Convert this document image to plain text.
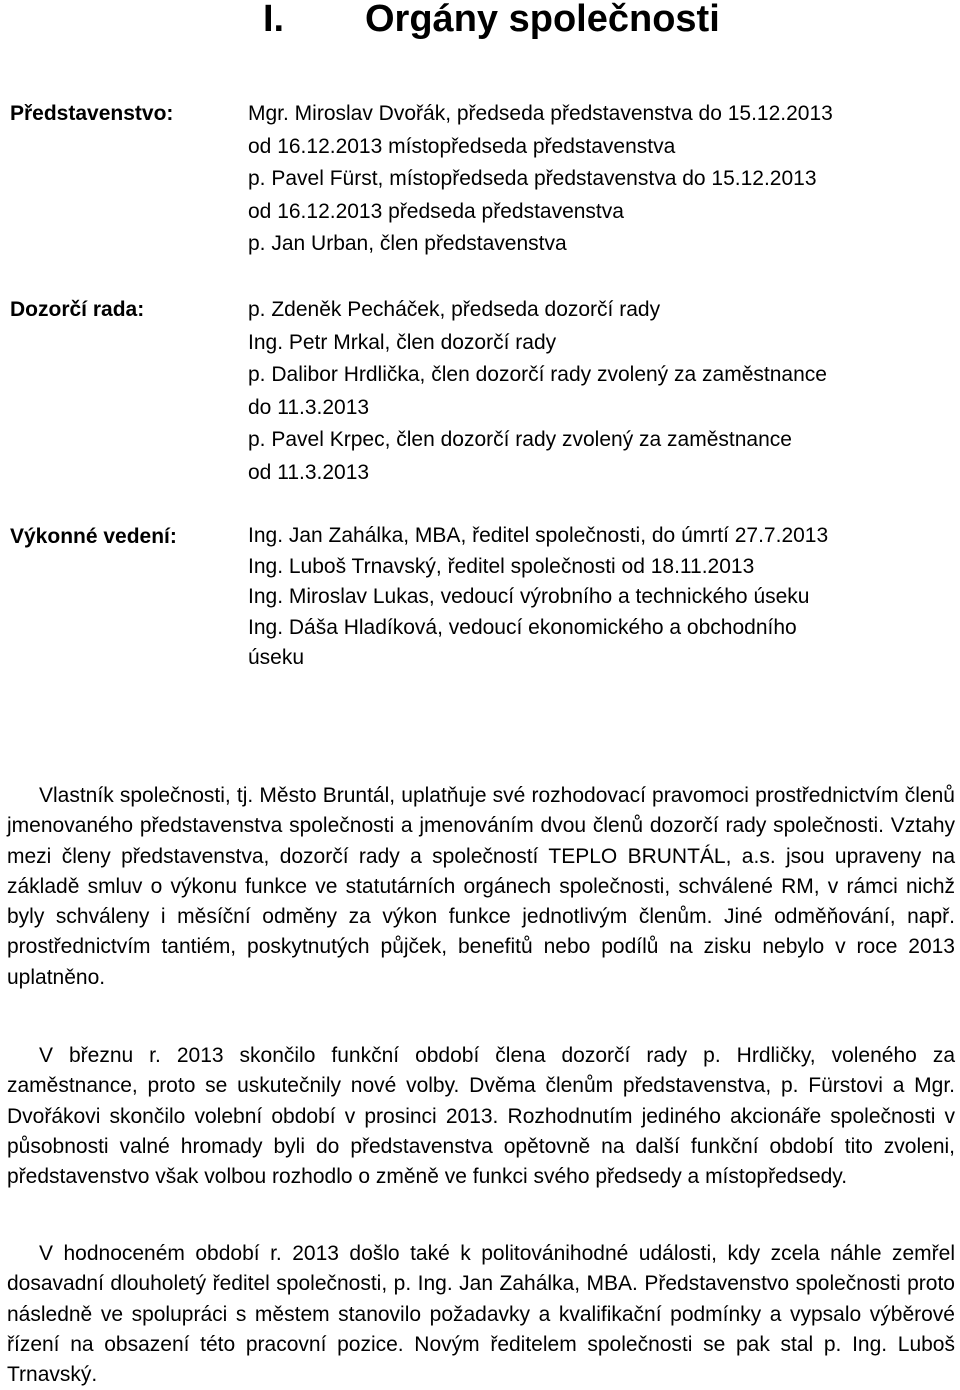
I. Orgány společnosti
Představenstvo:	Mgr. Miroslav Dvořák, předseda představenstva do 15.12.2013
od 16.12.2013 místopředseda představenstva
p. Pavel Fürst, místopředseda představenstva do 15.12.2013
od 16.12.2013 předseda představenstva
p. Jan Urban, člen představenstva
Dozorčí rada:	p. Zdeněk Pecháček, předseda dozorčí rady
Ing. Petr Mrkal, člen dozorčí rady
p. Dalibor Hrdlička, člen dozorčí rady zvolený za zaměstnance
do 11.3.2013
p. Pavel Krpec, člen dozorčí rady zvolený za zaměstnance
od 11.3.2013
Výkonné vedení:	Ing. Jan Zahálka, MBA, ředitel společnosti, do úmrtí 27.7.2013
Ing. Luboš Trnavský, ředitel společnosti od 18.11.2013
Ing. Miroslav Lukas, vedoucí výrobního a technického úseku
Ing. Dáša Hladíková, vedoucí ekonomického a obchodního
úseku

Vlastník společnosti, tj. Město Bruntál, uplatňuje své rozhodovací pravomoci prostřednictvím členů jmenovaného představenstva společnosti a jmenováním dvou členů dozorčí rady společnosti. Vztahy mezi členy představenstva, dozorčí rady a společností TEPLO BRUNTÁL, a.s. jsou upraveny na základě smluv o výkonu funkce ve statutárních orgánech společnosti, schválené RM, v rámci nichž byly schváleny i měsíční odměny za výkon funkce jednotlivým členům. Jiné odměňování, např. prostřednictvím tantiém, poskytnutých půjček, benefitů nebo podílů na zisku nebylo v roce 2013 uplatněno.

V březnu r. 2013 skončilo funkční období člena dozorčí rady p. Hrdličky, voleného za zaměstnance, proto se uskutečnily nové volby. Dvěma členům představenstva, p. Fürstovi a Mgr. Dvořákovi skončilo volební období v prosinci 2013. Rozhodnutím jediného akcionáře společnosti v působnosti valné hromady byli do představenstva opětovně na další funkční období tito zvoleni, představenstvo však volbou rozhodlo o změně ve funkci svého předsedy a místopředsedy.

V hodnoceném období r. 2013 došlo také k politovánihodné události, kdy zcela náhle zemřel dosavadní dlouholetý ředitel společnosti, p. Ing. Jan Zahálka, MBA. Představenstvo společnosti proto následně ve spolupráci s městem stanovilo požadavky a kvalifikační podmínky a vypsalo výběrové řízení na obsazení této pracovní pozice. Novým ředitelem společnosti se pak stal p. Ing. Luboš Trnavský.
